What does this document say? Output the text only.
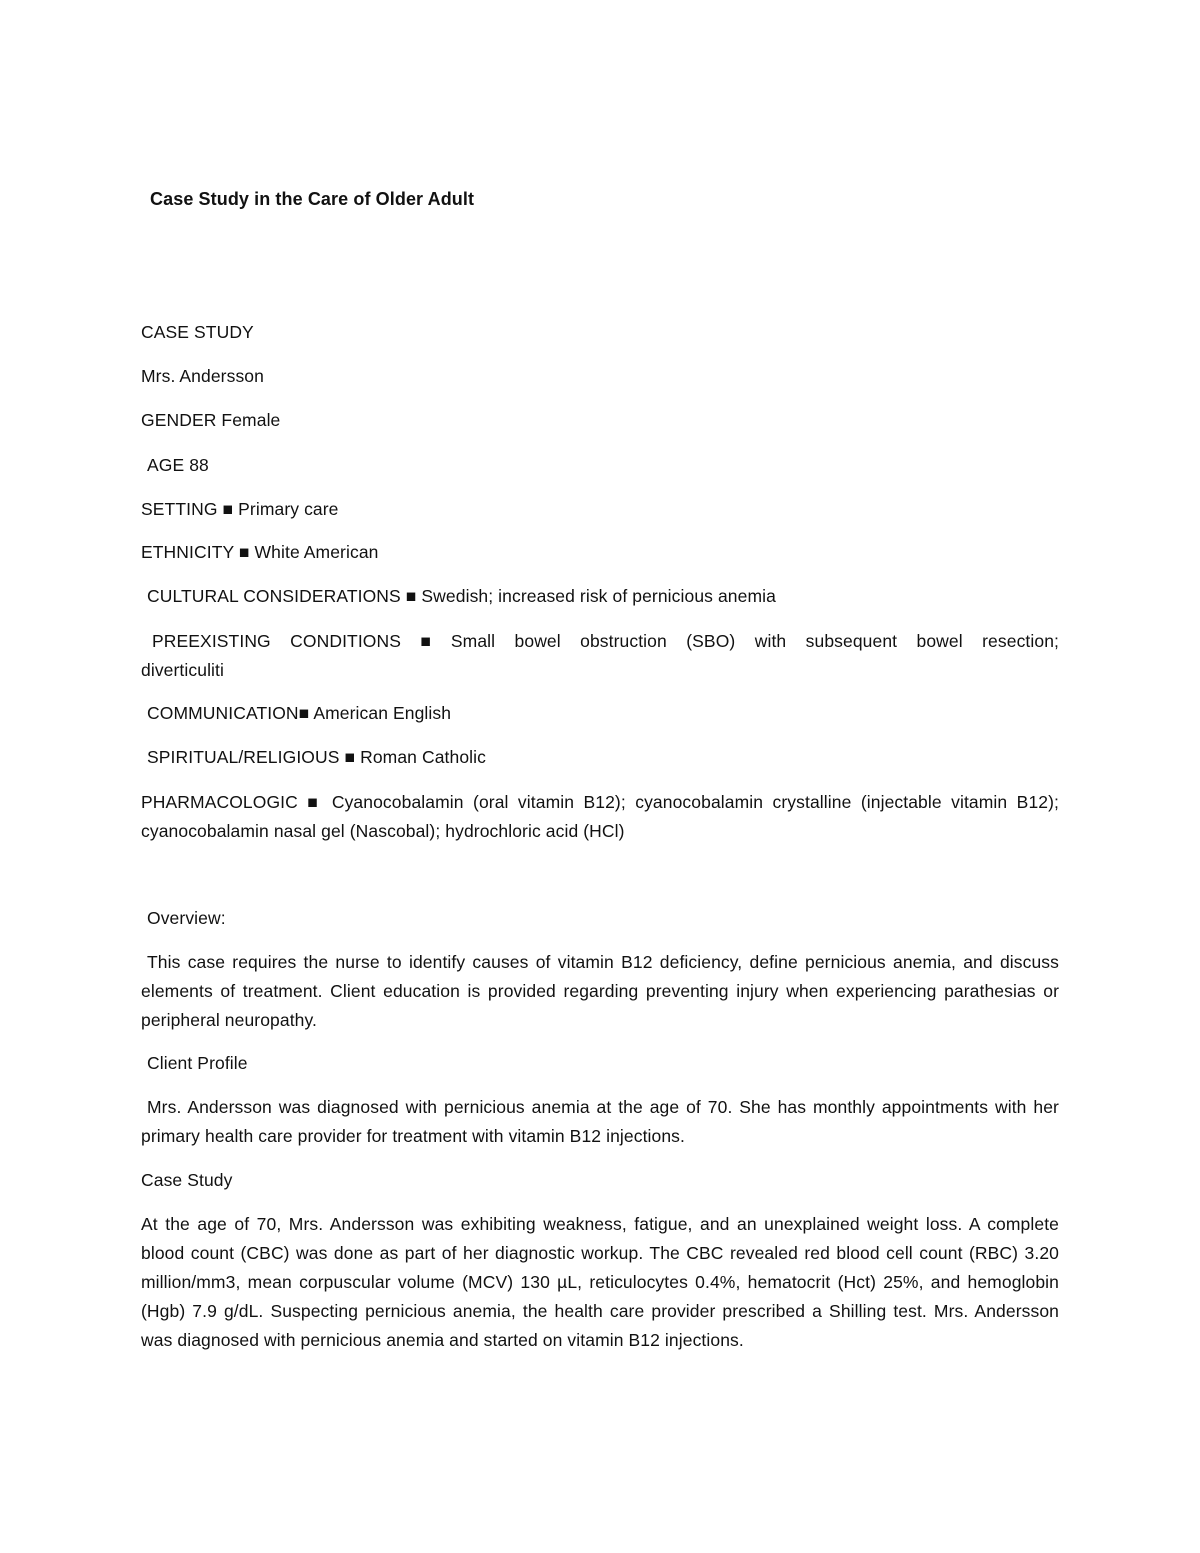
Case Study in the Care of Older Adult
CASE STUDY
Mrs. Andersson
GENDER Female
AGE 88
SETTING ■ Primary care
ETHNICITY ■ White American
CULTURAL CONSIDERATIONS ■ Swedish; increased risk of pernicious anemia
PREEXISTING CONDITIONS ■ Small bowel obstruction (SBO) with subsequent bowel resection; diverticuliti
COMMUNICATION■ American English
SPIRITUAL/RELIGIOUS ■ Roman Catholic
PHARMACOLOGIC ■ Cyanocobalamin (oral vitamin B12); cyanocobalamin crystalline (injectable vitamin B12); cyanocobalamin nasal gel (Nascobal); hydrochloric acid (HCl)
Overview:
This case requires the nurse to identify causes of vitamin B12 deficiency, define pernicious anemia, and discuss elements of treatment. Client education is provided regarding preventing injury when experiencing parathesias or peripheral neuropathy.
Client Profile
Mrs. Andersson was diagnosed with pernicious anemia at the age of 70. She has monthly appointments with her primary health care provider for treatment with vitamin B12 injections.
Case Study
At the age of 70, Mrs. Andersson was exhibiting weakness, fatigue, and an unexplained weight loss. A complete blood count (CBC) was done as part of her diagnostic workup. The CBC revealed red blood cell count (RBC) 3.20 million/mm3, mean corpuscular volume (MCV) 130 µL, reticulocytes 0.4%, hematocrit (Hct) 25%, and hemoglobin (Hgb) 7.9 g/dL. Suspecting pernicious anemia, the health care provider prescribed a Shilling test. Mrs. Andersson was diagnosed with pernicious anemia and started on vitamin B12 injections.
